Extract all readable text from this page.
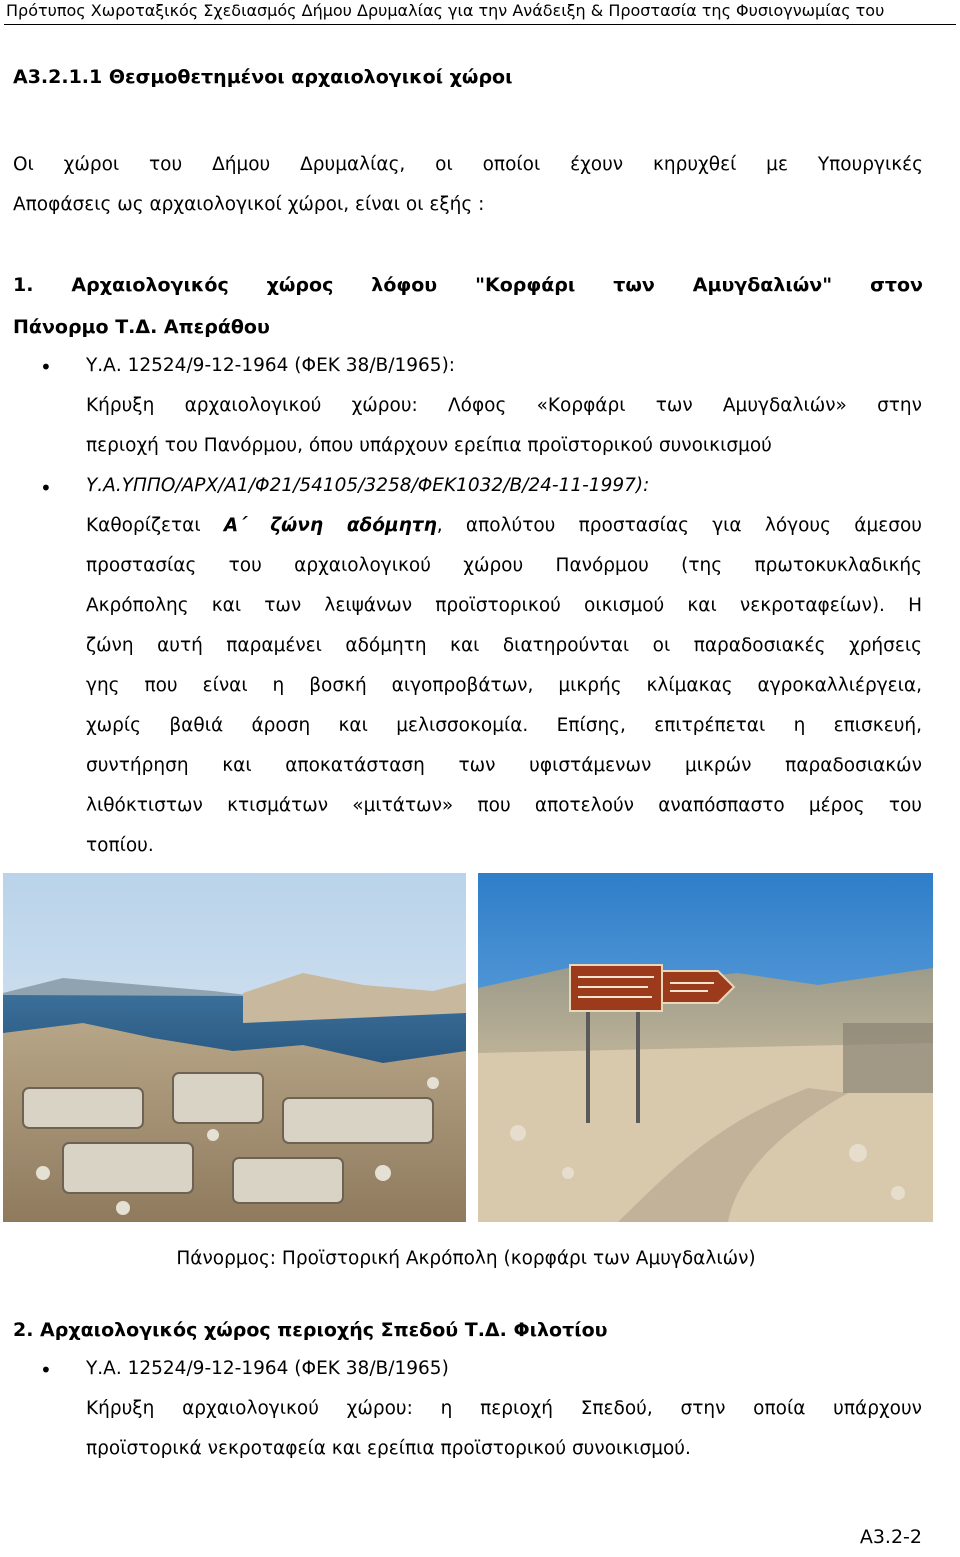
Πρότυπος Χωροταξικός Σχεδιασμός Δήμου Δρυμαλίας για την Ανάδειξη & Προστασία της Φυσιογνωμίας του
Α3.2.1.1 Θεσμοθετημένοι αρχαιολογικοί χώροι
Οι χώροι του Δήμου Δρυμαλίας, οι οποίοι έχουν κηρυχθεί με Υπουργικές
Αποφάσεις ως αρχαιολογικοί χώροι, είναι οι εξής :
1. Αρχαιολογικός χώρος λόφου "Κορφάρι των Αμυγδαλιών" στον
Πάνορμο Τ.Δ. Απεράθου
• Υ.Α. 12524/9-12-1964 (ΦΕΚ 38/Β/1965):
Κήρυξη αρχαιολογικού χώρου: Λόφος «Κορφάρι των Αμυγδαλιών» στην
περιοχή του Πανόρμου, όπου υπάρχουν ερείπια προϊστορικού συνοικισμού
• Υ.Α.ΥΠΠΟ/ΑΡΧ/Α1/Φ21/54105/3258/ΦΕΚ1032/Β/24-11-1997):
Καθορίζεται Α΄ ζώνη αδόμητη, απολύτου προστασίας για λόγους άμεσου
προστασίας του αρχαιολογικού χώρου Πανόρμου (της πρωτοκυκλαδικής
Ακρόπολης και των λειψάνων προϊστορικού οικισμού και νεκροταφείων). Η
ζώνη αυτή παραμένει αδόμητη και διατηρούνται οι παραδοσιακές χρήσεις
γης που είναι η βοσκή αιγοπροβάτων, μικρής κλίμακας αγροκαλλιέργεια,
χωρίς βαθιά άροση και μελισσοκομία. Επίσης, επιτρέπεται η επισκευή,
συντήρηση και αποκατάσταση των υφιστάμενων μικρών παραδοσιακών
λιθόκτιστων κτισμάτων «μιτάτων» που αποτελούν αναπόσπαστο μέρος του
τοπίου.
Πάνορμος: Προϊστορική Ακρόπολη (κορφάρι των Αμυγδαλιών)
2. Αρχαιολογικός χώρος περιοχής Σπεδού Τ.Δ. Φιλοτίου
• Υ.Α. 12524/9-12-1964 (ΦΕΚ 38/Β/1965)
Κήρυξη αρχαιολογικού χώρου: η περιοχή Σπεδού, στην οποία υπάρχουν
προϊστορικά νεκροταφεία και ερείπια προϊστορικού συνοικισμού.
Α3.2-2
